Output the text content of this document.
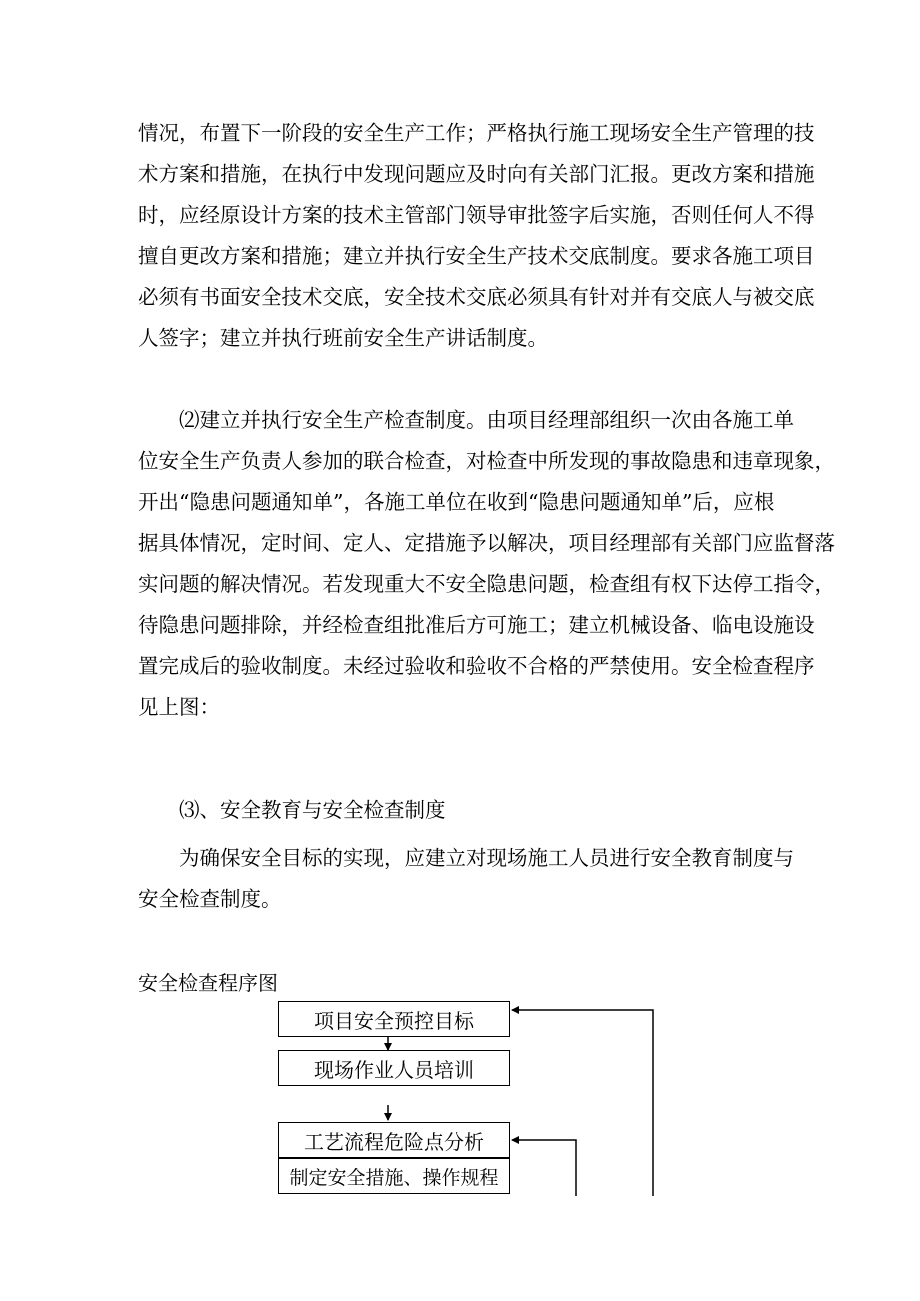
情况，布置下一阶段的安全生产工作；严格执行施工现场安全生产管理的技
术方案和措施，在执行中发现问题应及时向有关部门汇报。更改方案和措施
时，应经原设计方案的技术主管部门领导审批签字后实施，否则任何人不得
擅自更改方案和措施；建立并执行安全生产技术交底制度。要求各施工项目
必须有书面安全技术交底，安全技术交底必须具有针对并有交底人与被交底
人签字；建立并执行班前安全生产讲话制度。
⑵建立并执行安全生产检查制度。由项目经理部组织一次由各施工单
位安全生产负责人参加的联合检查，对检查中所发现的事故隐患和违章现象，
开出“隐患问题通知单”，各施工单位在收到“隐患问题通知单”后，应根
据具体情况，定时间、定人、定措施予以解决，项目经理部有关部门应监督落
实问题的解决情况。若发现重大不安全隐患问题，检查组有权下达停工指令，
待隐患问题排除，并经检查组批准后方可施工；建立机械设备、临电设施设
置完成后的验收制度。未经过验收和验收不合格的严禁使用。安全检查程序
见上图：
⑶、安全教育与安全检查制度
为确保安全目标的实现，应建立对现场施工人员进行安全教育制度与
安全检查制度。
安全检查程序图
项目安全预控目标
现场作业人员培训
工艺流程危险点分析
制定安全措施、操作规程
